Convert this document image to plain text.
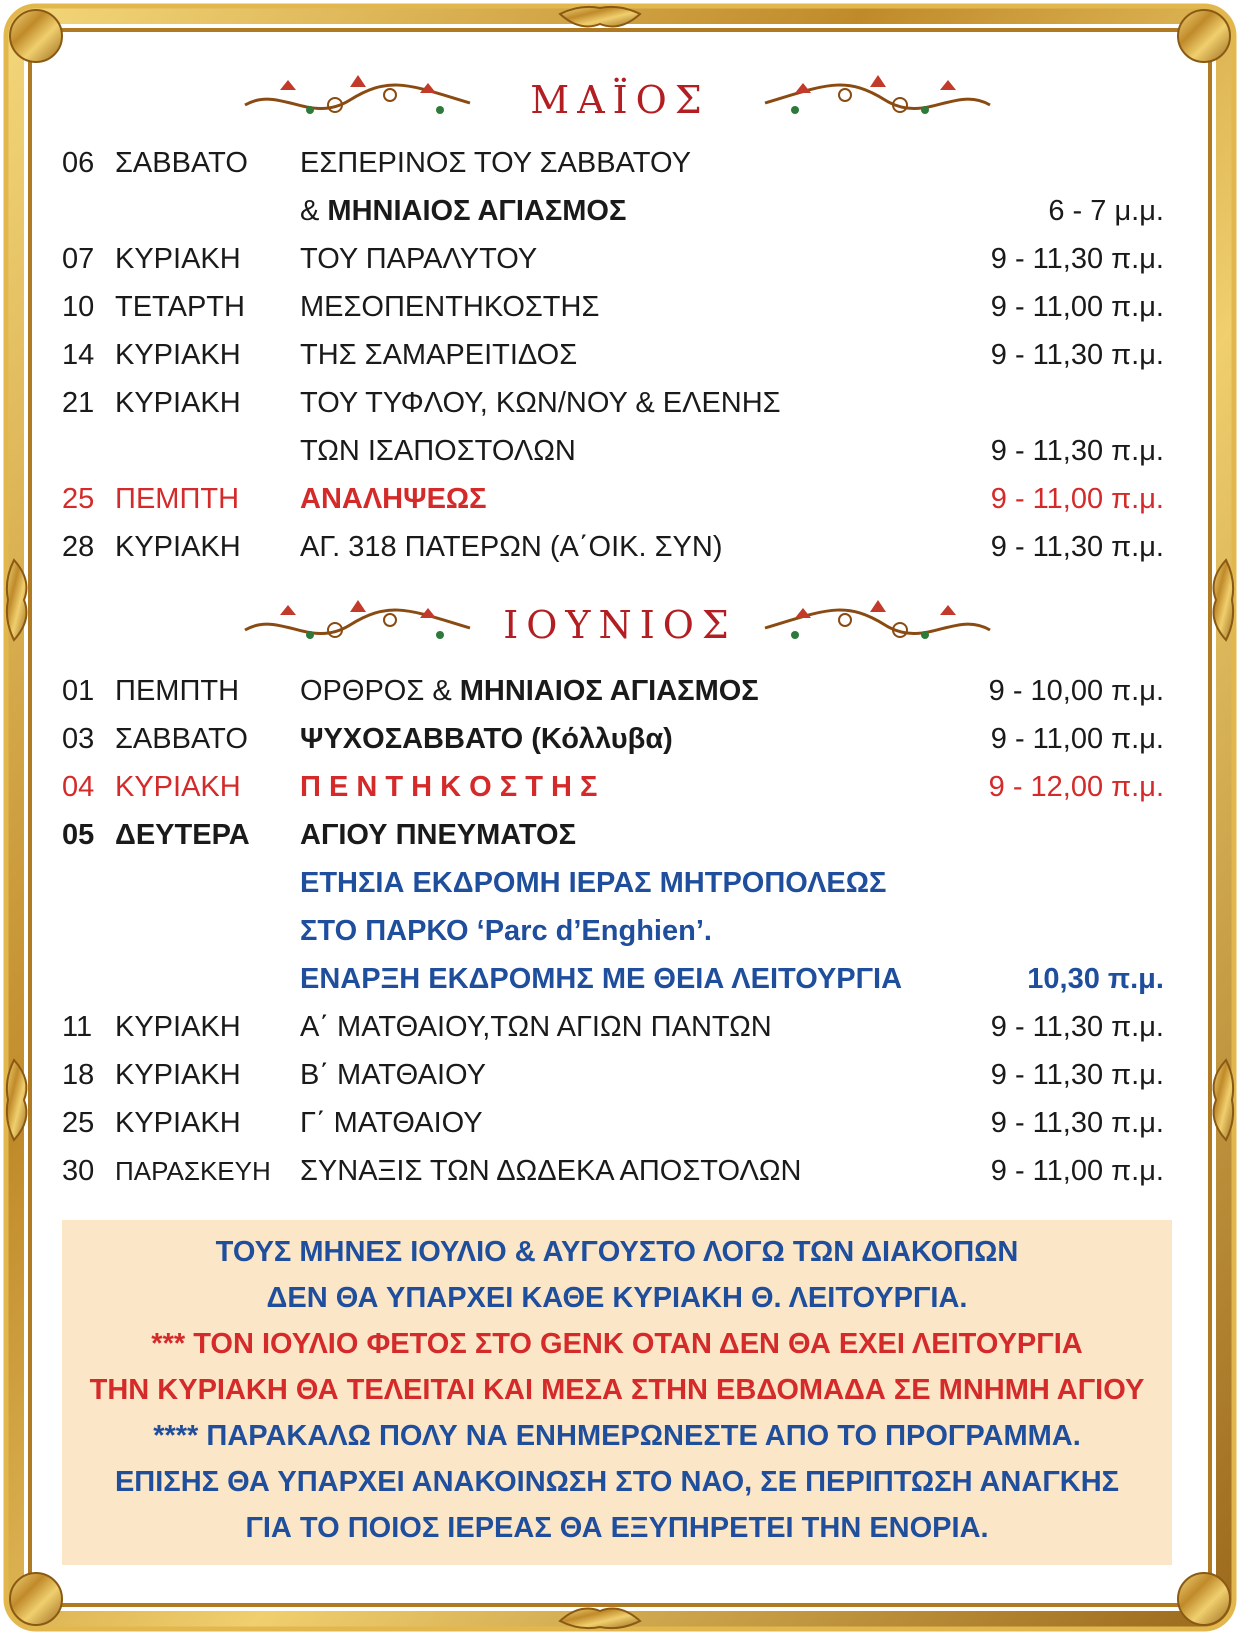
ΜΑΪΟΣ
06 ΣΑΒΒΑΤΟ ΕΣΠΕΡΙΝΟΣ ΤΟΥ ΣΑΒΒΑΤΟΥ
& ΜΗΝΙΑΙΟΣ ΑΓΙΑΣΜΟΣ	6 - 7 μ.μ.
07 ΚΥΡΙΑΚΗ ΤΟΥ ΠΑΡΑΛΥΤΟΥ	9 - 11,30 π.μ.
10 ΤΕΤΑΡΤΗ ΜΕΣΟΠΕΝΤΗΚΟΣΤΗΣ	9 - 11,00 π.μ.
14 ΚΥΡΙΑΚΗ ΤΗΣ ΣΑΜΑΡΕΙΤΙΔΟΣ	9 - 11,30 π.μ.
21 ΚΥΡΙΑΚΗ ΤΟΥ ΤΥΦΛΟΥ, ΚΩΝ/ΝΟΥ & ΕΛΕΝΗΣ
ΤΩΝ ΙΣΑΠΟΣΤΟΛΩΝ	9 - 11,30 π.μ.
25 ΠΕΜΠΤΗ ΑΝΑΛΗΨΕΩΣ	9 - 11,00 π.μ.
28 ΚΥΡΙΑΚΗ ΑΓ. 318 ΠΑΤΕΡΩΝ (Α΄ΟΙΚ. ΣΥΝ)	9 - 11,30 π.μ.
ΙΟΥΝΙΟΣ
01 ΠΕΜΠΤΗ ΟΡΘΡΟΣ & ΜΗΝΙΑΙΟΣ ΑΓΙΑΣΜΟΣ	9 - 10,00 π.μ.
03 ΣΑΒΒΑΤΟ ΨΥΧΟΣΑΒΒΑΤΟ (Κόλλυβα)	9 - 11,00 π.μ.
04 ΚΥΡΙΑΚΗ Π Ε Ν Τ Η Κ Ο Σ Τ Η Σ	9 - 12,00 π.μ.
05 ΔΕΥΤΕΡΑ ΑΓΙΟΥ ΠΝΕΥΜΑΤΟΣ
ΕΤΗΣΙΑ ΕΚΔΡΟΜΗ ΙΕΡΑΣ ΜΗΤΡΟΠΟΛΕΩΣ
ΣΤΟ ΠΑΡΚΟ ‘Parc d’Enghien’.
ΕΝΑΡΞΗ ΕΚΔΡΟΜΗΣ ΜΕ ΘΕΙΑ ΛΕΙΤΟΥΡΓΙΑ	10,30 π.μ.
11 ΚΥΡΙΑΚΗ Α΄ ΜΑΤΘΑΙΟΥ,ΤΩΝ ΑΓΙΩΝ ΠΑΝΤΩΝ	9 - 11,30 π.μ.
18 ΚΥΡΙΑΚΗ Β΄ ΜΑΤΘΑΙΟΥ	9 - 11,30 π.μ.
25 ΚΥΡΙΑΚΗ Γ΄ ΜΑΤΘΑΙΟΥ	9 - 11,30 π.μ.
30 ΠΑΡΑΣΚΕΥΗ ΣΥΝΑΞΙΣ ΤΩΝ ΔΩΔΕΚΑ ΑΠΟΣΤΟΛΩΝ	9 - 11,00 π.μ.
ΤΟΥΣ ΜΗΝΕΣ ΙΟΥΛΙΟ & ΑΥΓΟΥΣΤΟ ΛΟΓΩ ΤΩΝ ΔΙΑΚΟΠΩΝ
ΔΕΝ ΘΑ ΥΠΑΡΧΕΙ ΚΑΘΕ ΚΥΡΙΑΚΗ Θ. ΛΕΙΤΟΥΡΓΙΑ.
*** ΤΟΝ ΙΟΥΛΙΟ ΦΕΤΟΣ ΣΤΟ GENK ΟΤΑΝ ΔΕΝ ΘΑ ΕΧΕΙ ΛΕΙΤΟΥΡΓΙΑ
ΤΗΝ ΚΥΡΙΑΚΗ ΘΑ ΤΕΛΕΙΤΑΙ ΚΑΙ ΜΕΣΑ ΣΤΗΝ ΕΒΔΟΜΑΔΑ ΣΕ ΜΝΗΜΗ ΑΓΙΟΥ
**** ΠΑΡΑΚΑΛΩ ΠΟΛΥ ΝΑ ΕΝΗΜΕΡΩΝΕΣΤΕ ΑΠΟ ΤΟ ΠΡΟΓΡΑΜΜΑ.
ΕΠΙΣΗΣ ΘΑ ΥΠΑΡΧΕΙ ΑΝΑΚΟΙΝΩΣΗ ΣΤΟ ΝΑΟ, ΣΕ ΠΕΡΙΠΤΩΣΗ ΑΝΑΓΚΗΣ
ΓΙΑ ΤΟ ΠΟΙΟΣ ΙΕΡΕΑΣ ΘΑ ΕΞΥΠΗΡΕΤΕΙ ΤΗΝ ΕΝΟΡΙΑ.
